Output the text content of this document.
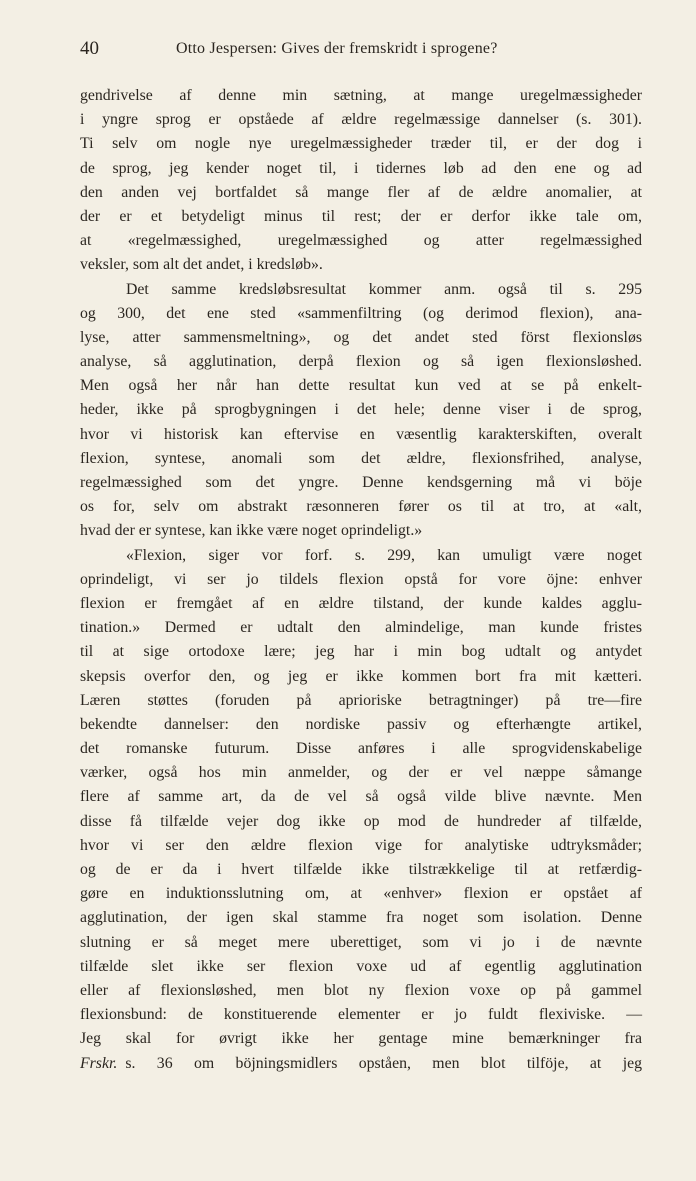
40	Otto Jespersen: Gives der fremskridt i sprogene?
gendrivelse af denne min sætning, at mange uregelmæssigheder
i yngre sprog er opståede af ældre regelmæssige dannelser (s. 301).
Ti selv om nogle nye uregelmæssigheder træder til, er der dog i
de sprog, jeg kender noget til, i tidernes løb ad den ene og ad
den anden vej bortfaldet så mange fler af de ældre anomalier, at
der er et betydeligt minus til rest; der er derfor ikke tale om,
at «regelmæssighed, uregelmæssighed og atter regelmæssighed
veksler, som alt det andet, i kredsløb».
Det samme kredsløbsresultat kommer anm. også til s. 295
og 300, det ene sted «sammenfiltring (og derimod flexion), ana-
lyse, atter sammensmeltning», og det andet sted först flexionsløs
analyse, så agglutination, derpå flexion og så igen flexionsløshed.
Men også her når han dette resultat kun ved at se på enkelt-
heder, ikke på sprogbygningen i det hele; denne viser i de sprog,
hvor vi historisk kan eftervise en væsentlig karakterskiften, overalt
flexion, syntese, anomali som det ældre, flexionsfrihed, analyse,
regelmæssighed som det yngre. Denne kendsgerning må vi böje
os for, selv om abstrakt ræsonneren fører os til at tro, at «alt,
hvad der er syntese, kan ikke være noget oprindeligt.»
«Flexion, siger vor forf. s. 299, kan umuligt være noget
oprindeligt, vi ser jo tildels flexion opstå for vore öjne: enhver
flexion er fremgået af en ældre tilstand, der kunde kaldes agglu-
tination.» Dermed er udtalt den almindelige, man kunde fristes
til at sige ortodoxe lære; jeg har i min bog udtalt og antydet
skepsis overfor den, og jeg er ikke kommen bort fra mit kætteri.
Læren støttes (foruden på aprioriske betragtninger) på tre—fire
bekendte dannelser: den nordiske passiv og efterhængte artikel,
det romanske futurum. Disse anføres i alle sprogvidenskabelige
værker, også hos min anmelder, og der er vel næppe såmange
flere af samme art, da de vel så også vilde blive nævnte. Men
disse få tilfælde vejer dog ikke op mod de hundreder af tilfælde,
hvor vi ser den ældre flexion vige for analytiske udtryksmåder;
og de er da i hvert tilfælde ikke tilstrækkelige til at retfærdig-
gøre en induktionsslutning om, at «enhver» flexion er opstået af
agglutination, der igen skal stamme fra noget som isolation. Denne
slutning er så meget mere uberettiget, som vi jo i de nævnte
tilfælde slet ikke ser flexion voxe ud af egentlig agglutination
eller af flexionsløshed, men blot ny flexion voxe op på gammel
flexionsbund: de konstituerende elementer er jo fuldt flexiviske. —
Jeg skal for øvrigt ikke her gentage mine bemærkninger fra
Frskr. s. 36 om böjningsmidlers opståen, men blot tilföje, at jeg
